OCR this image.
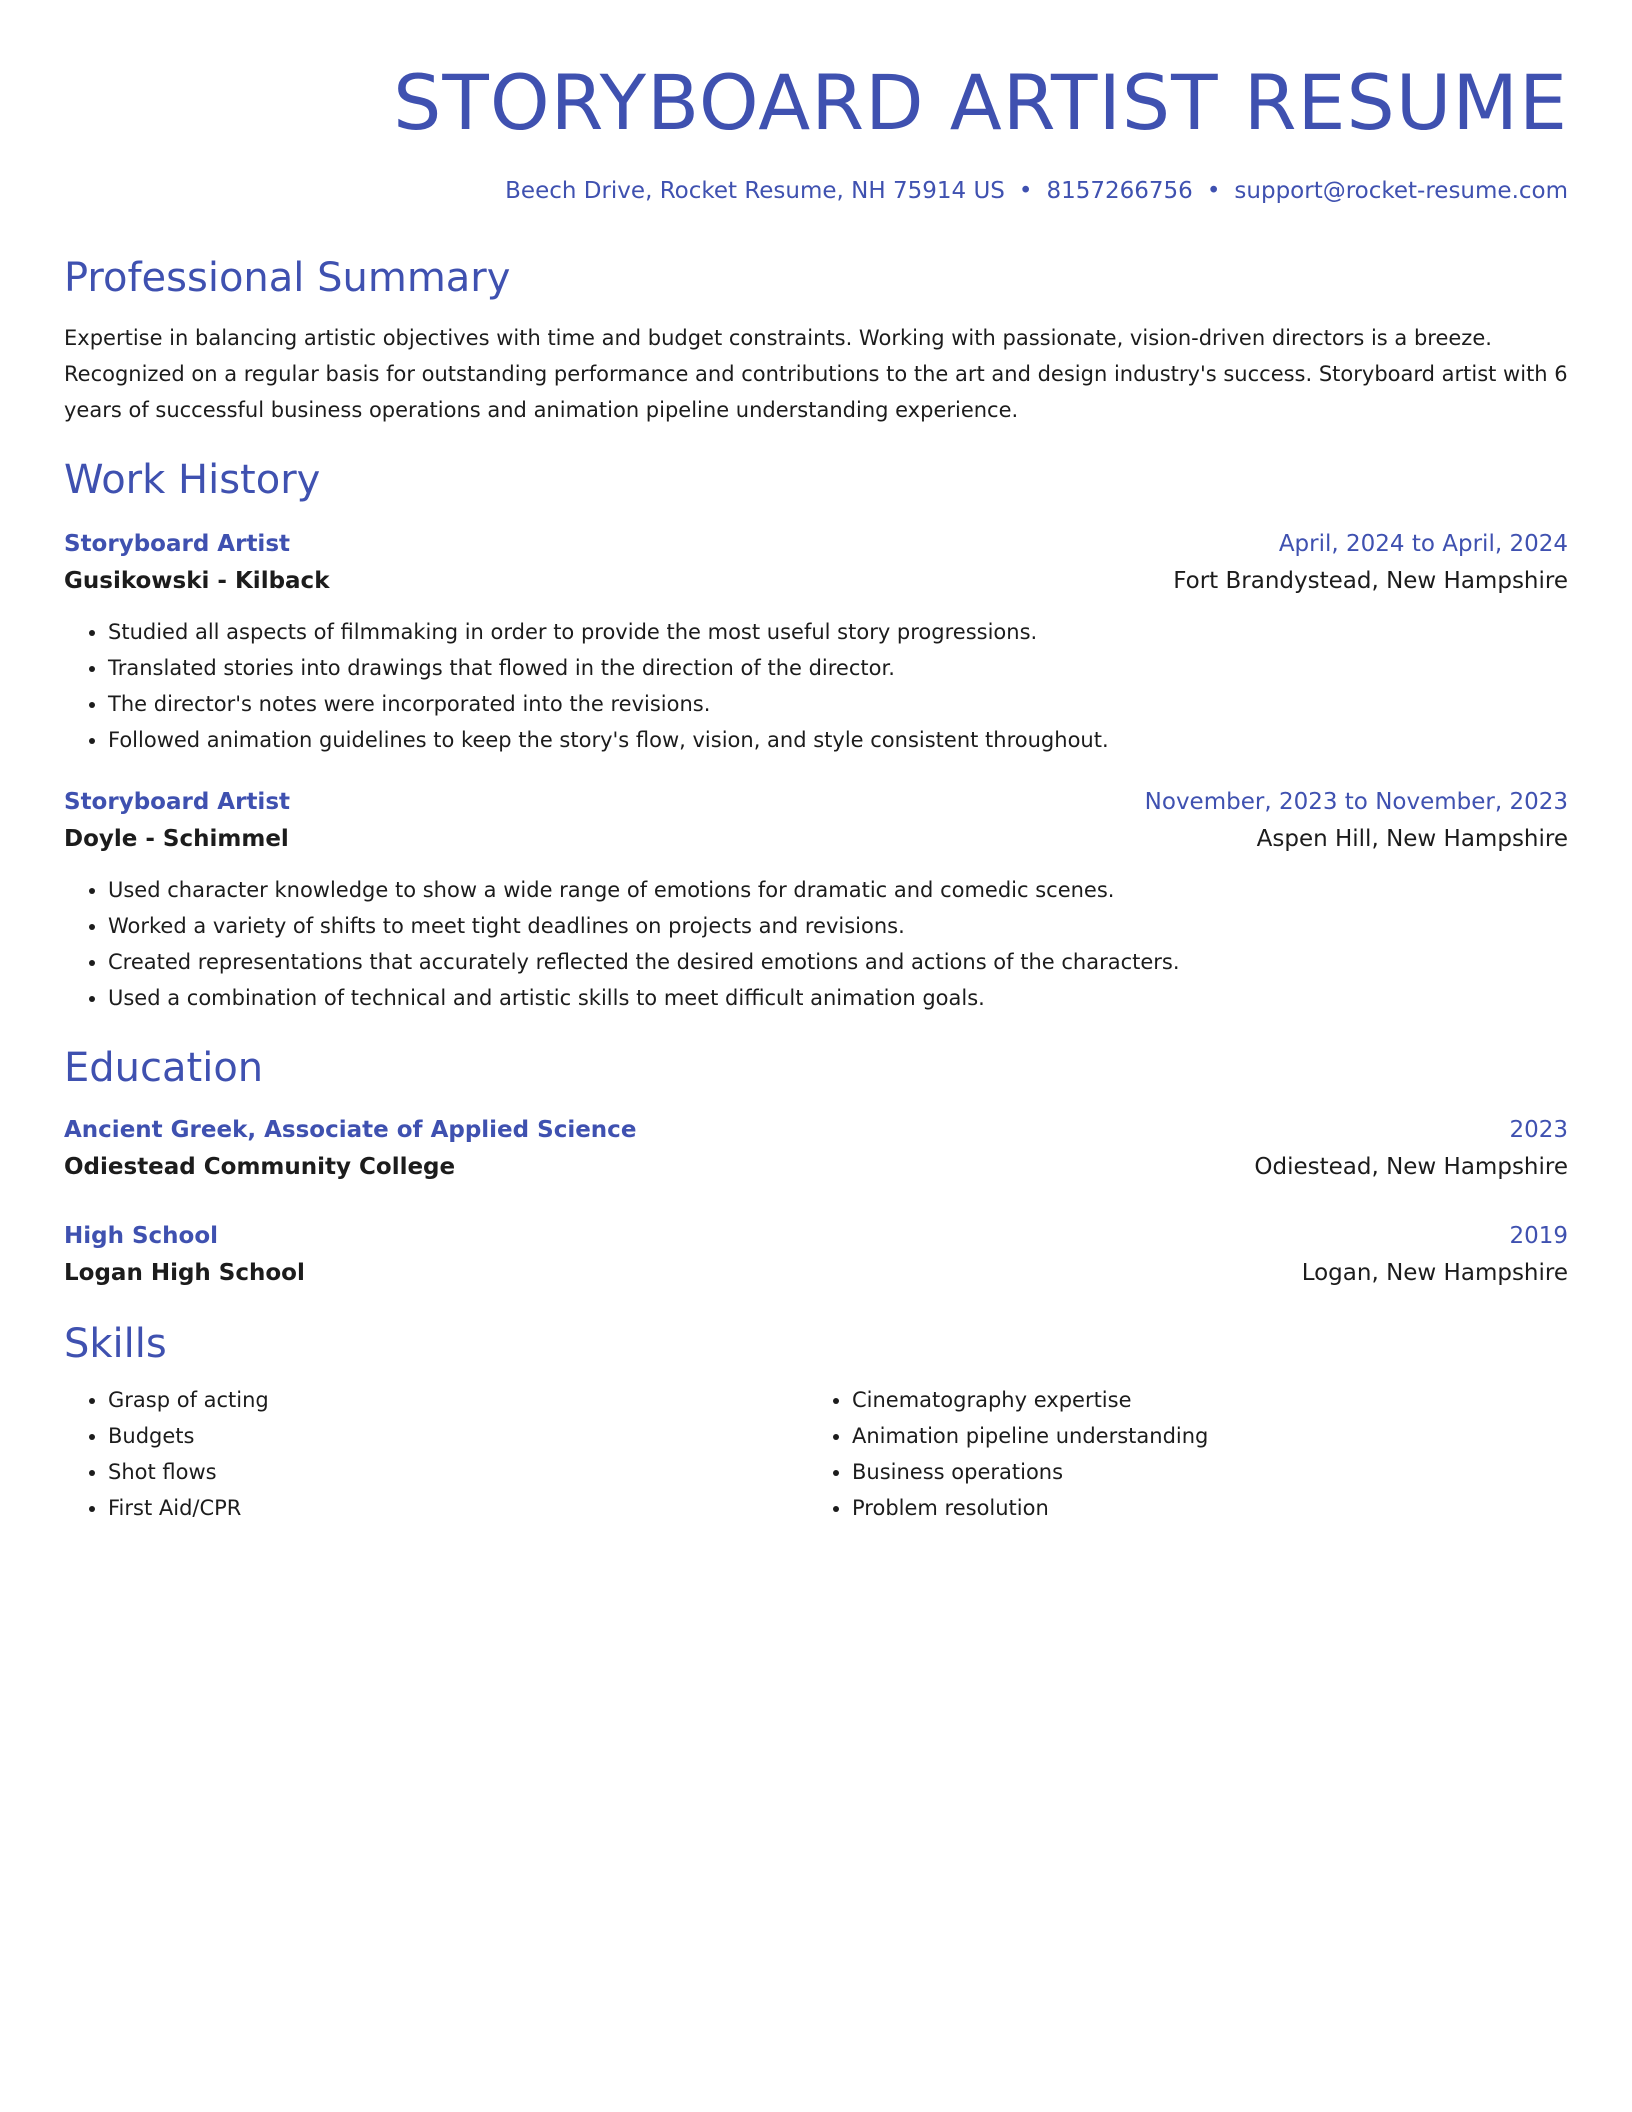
STORYBOARD ARTIST RESUME
Beech Drive, Rocket Resume, NH 75914 US • 8157266756 • support@rocket-resume.com
Professional Summary
Expertise in balancing artistic objectives with time and budget constraints. Working with passionate, vision-driven directors is a breeze. Recognized on a regular basis for outstanding performance and contributions to the art and design industry's success. Storyboard artist with 6 years of successful business operations and animation pipeline understanding experience.
Work History
Storyboard Artist	April, 2024 to April, 2024
Gusikowski - Kilback	Fort Brandystead, New Hampshire
• Studied all aspects of filmmaking in order to provide the most useful story progressions.
• Translated stories into drawings that flowed in the direction of the director.
• The director's notes were incorporated into the revisions.
• Followed animation guidelines to keep the story's flow, vision, and style consistent throughout.
Storyboard Artist	November, 2023 to November, 2023
Doyle - Schimmel	Aspen Hill, New Hampshire
• Used character knowledge to show a wide range of emotions for dramatic and comedic scenes.
• Worked a variety of shifts to meet tight deadlines on projects and revisions.
• Created representations that accurately reflected the desired emotions and actions of the characters.
• Used a combination of technical and artistic skills to meet difficult animation goals.
Education
Ancient Greek, Associate of Applied Science	2023
Odiestead Community College	Odiestead, New Hampshire
High School	2019
Logan High School	Logan, New Hampshire
Skills
• Grasp of acting
• Budgets
• Shot flows
• First Aid/CPR
• Cinematography expertise
• Animation pipeline understanding
• Business operations
• Problem resolution
